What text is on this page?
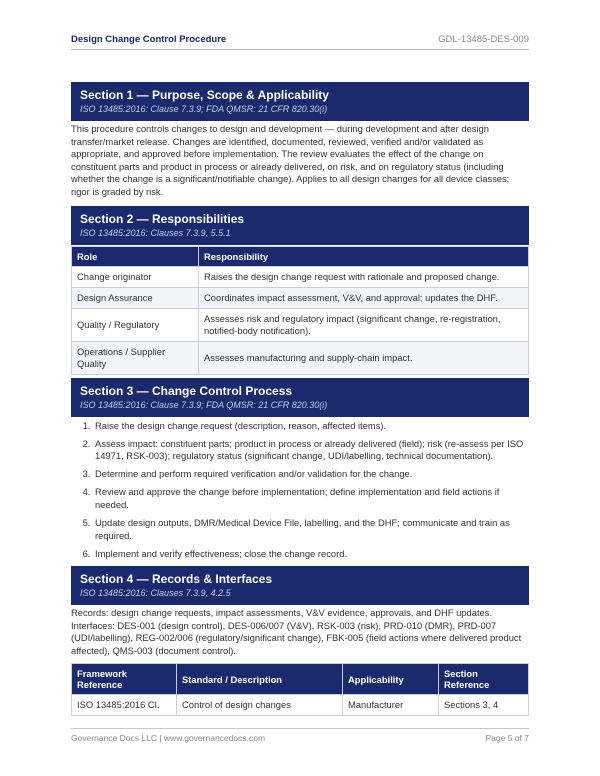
Design Change Control Procedure	GDL-13485-DES-009
Section 1 — Purpose, Scope & Applicability
ISO 13485:2016: Clause 7.3.9; FDA QMSR: 21 CFR 820.30(i)

This procedure controls changes to design and development — during development and after design transfer/market release. Changes are identified, documented, reviewed, verified and/or validated as appropriate, and approved before implementation. The review evaluates the effect of the change on constituent parts and product in process or already delivered, on risk, and on regulatory status (including whether the change is a significant/notifiable change). Applies to all design changes for all device classes; rigor is graded by risk.

Section 2 — Responsibilities
ISO 13485:2016: Clauses 7.3.9, 5.5.1
Role	Responsibility
Change originator	Raises the design change request with rationale and proposed change.
Design Assurance	Coordinates impact assessment, V&V, and approval; updates the DHF.
Quality / Regulatory	Assesses risk and regulatory impact (significant change, re-registration, notified-body notification).
Operations / Supplier Quality	Assesses manufacturing and supply-chain impact.
Section 3 — Change Control Process
ISO 13485:2016: Clause 7.3.9; FDA QMSR: 21 CFR 820.30(i)
1. Raise the design change request (description, reason, affected items).
2. Assess impact: constituent parts; product in process or already delivered (field); risk (re-assess per ISO 14971, RSK-003); regulatory status (significant change, UDI/labelling, technical documentation).
3. Determine and perform required verification and/or validation for the change.
4. Review and approve the change before implementation; define implementation and field actions if needed.
5. Update design outputs, DMR/Medical Device File, labelling, and the DHF; communicate and train as required.
6. Implement and verify effectiveness; close the change record.
Section 4 — Records & Interfaces
ISO 13485:2016: Clauses 7.3.9, 4.2.5

Records: design change requests, impact assessments, V&V evidence, approvals, and DHF updates. Interfaces: DES-001 (design control), DES-006/007 (V&V), RSK-003 (risk), PRD-010 (DMR), PRD-007 (UDI/labelling), REG-002/006 (regulatory/significant change), FBK-005 (field actions where delivered product affected), QMS-003 (document control).

Framework Reference	Standard / Description	Applicability	Section Reference
ISO 13485:2016 Cl.	Control of design changes	Manufacturer	Sections 3, 4
Governance Docs LLC | www.governancedocs.com	Page 5 of 7
